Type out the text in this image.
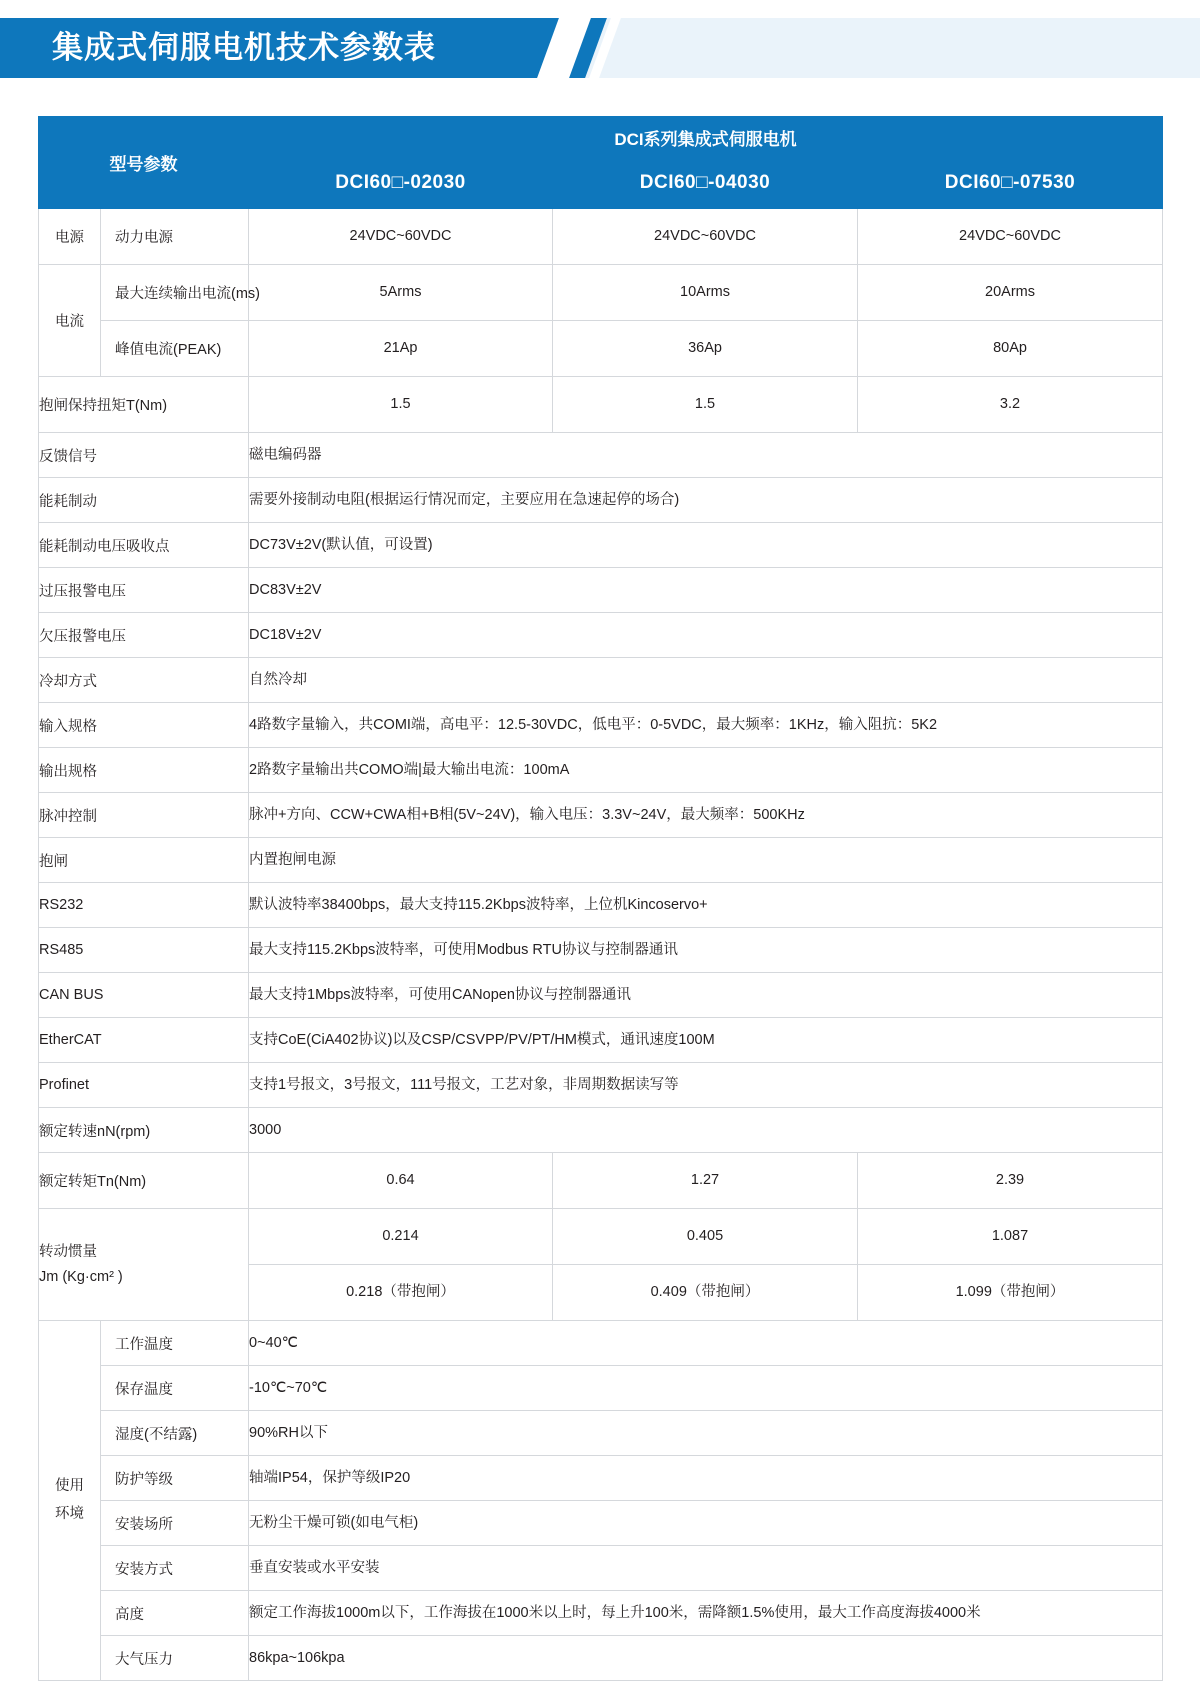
集成式伺服电机技术参数表
型号参数		DCI系列集成式伺服电机		
		DCI60□-02030	DCI60□-04030	DCI60□-07530
电源	动力电源	24VDC~60VDC	24VDC~60VDC	24VDC~60VDC
电流	最大连续输出电流(ms)	5Arms	10Arms	20Arms
	峰值电流(PEAK)	21Ap	36Ap	80Ap
抱闸保持扭矩T(Nm)		1.5	1.5	3.2
反馈信号		磁电编码器		
能耗制动		需要外接制动电阻(根据运行情况而定，主要应用在急速起停的场合)		
能耗制动电压吸收点		DC73V±2V(默认值，可设置)		
过压报警电压		DC83V±2V		
欠压报警电压		DC18V±2V		
冷却方式		自然冷却		
输入规格		4路数字量输入，共COMI端，高电平：12.5-30VDC，低电平：0-5VDC，最大频率：1KHz，输入阻抗：5K2		
输出规格		2路数字量输出共COMO端|最大输出电流：100mA		
脉冲控制		脉冲+方向、CCW+CWA相+B相(5V~24V)，输入电压：3.3V~24V，最大频率：500KHz		
抱闸		内置抱闸电源		
RS232		默认波特率38400bps，最大支持115.2Kbps波特率，上位机Kincoservo+		
RS485		最大支持115.2Kbps波特率，可使用Modbus RTU协议与控制器通讯		
CAN BUS		最大支持1Mbps波特率，可使用CANopen协议与控制器通讯		
EtherCAT		支持CoE(CiA402协议)以及CSP/CSVPP/PV/PT/HM模式，通讯速度100M		
Profinet		支持1号报文，3号报文，111号报文，工艺对象，非周期数据读写等		
额定转速nN(rpm)		3000		
额定转矩Tn(Nm)		0.64	1.27	2.39

转动惯量
Jm (Kg·cm² )		0.214	0.405	1.087
		0.218（带抱闸）	0.409（带抱闸）	1.099（带抱闸）

使用
环境	工作温度	0~40℃		
	保存温度	-10℃~70℃		
	湿度(不结露)	90%RH以下		
	防护等级	轴端IP54，保护等级IP20		
	安装场所	无粉尘干燥可锁(如电气柜)		
	安装方式	垂直安装或水平安装		
	高度	额定工作海拔1000m以下，工作海拔在1000米以上时，每上升100米，需降额1.5%使用，最大工作高度海拔4000米		
	大气压力	86kpa~106kpa		
